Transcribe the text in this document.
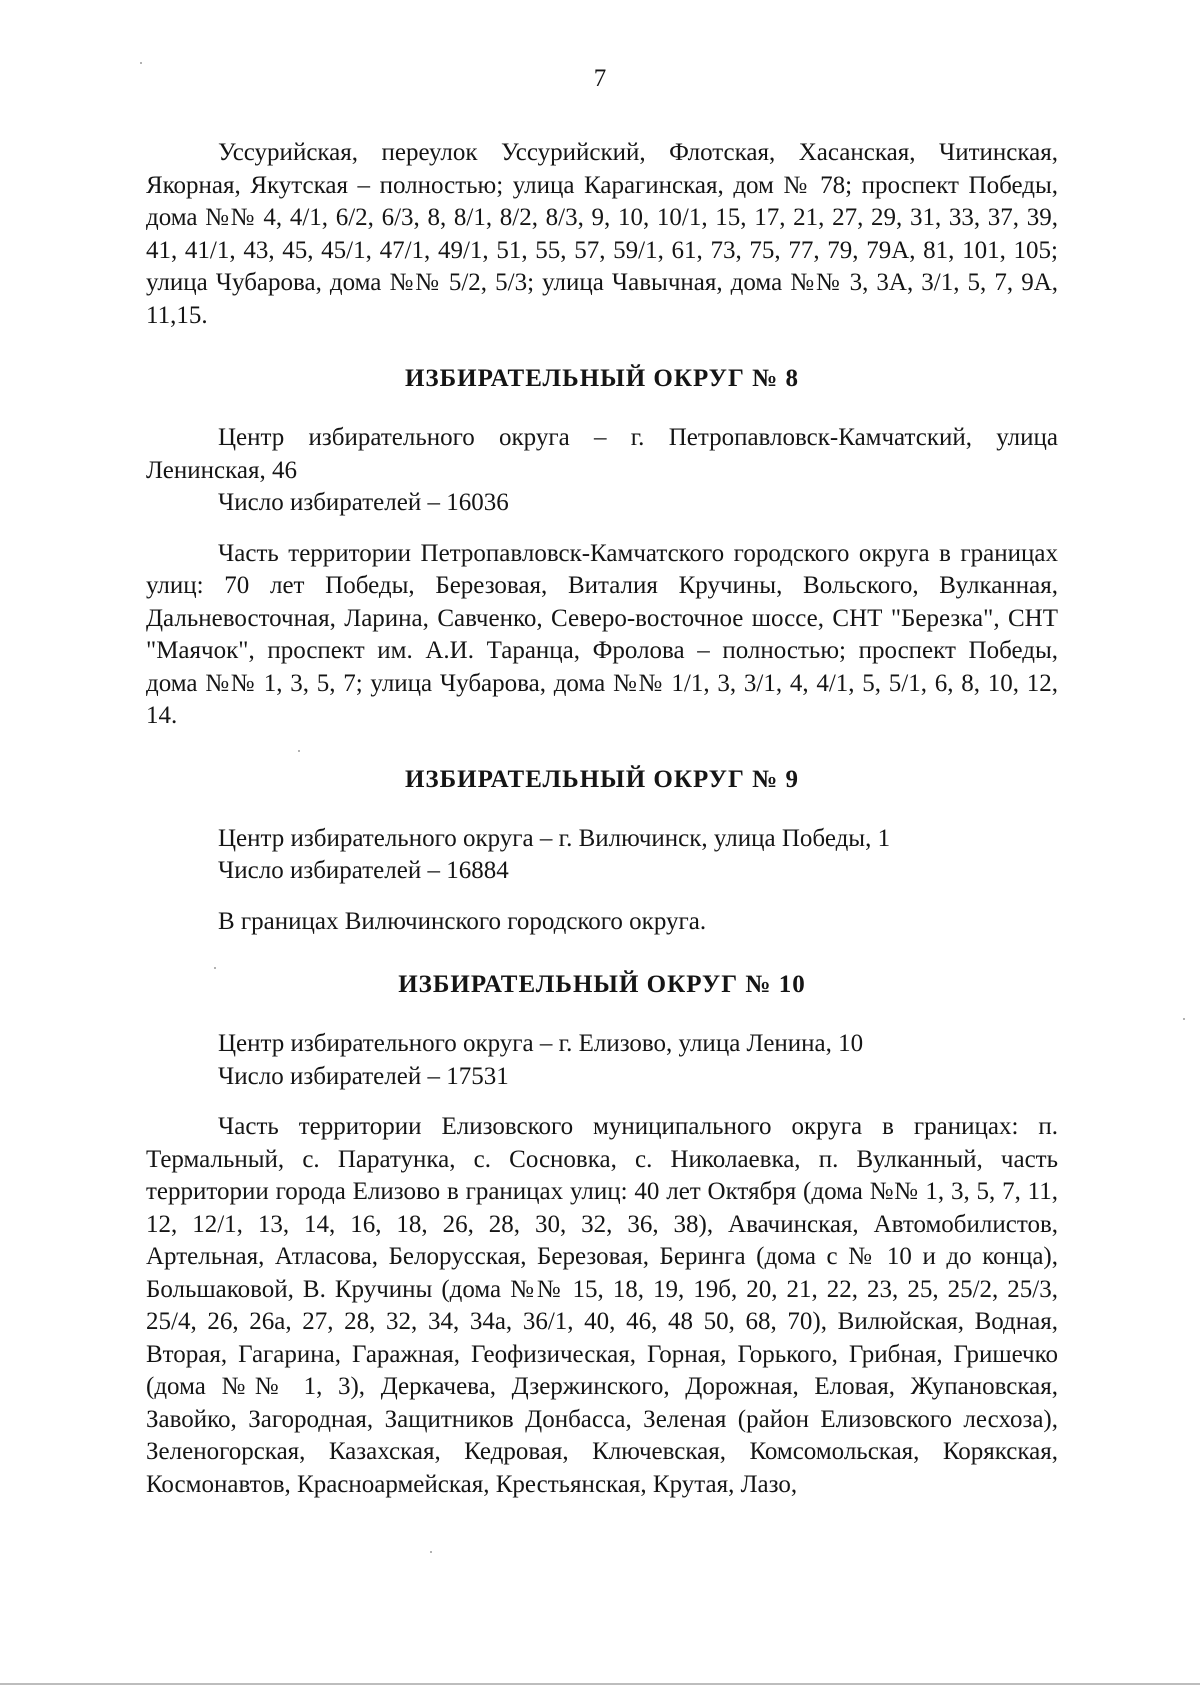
7

Уссурийская, переулок Уссурийский, Флотская, Хасанская, Читинская, Якорная, Якутская – полностью; улица Карагинская, дом № 78; проспект Победы, дома №№ 4, 4/1, 6/2, 6/3, 8, 8/1, 8/2, 8/3, 9, 10, 10/1, 15, 17, 21, 27, 29, 31, 33, 37, 39, 41, 41/1, 43, 45, 45/1, 47/1, 49/1, 51, 55, 57, 59/1, 61, 73, 75, 77, 79, 79А, 81, 101, 105; улица Чубарова, дома №№ 5/2, 5/3; улица Чавычная, дома №№ 3, 3А, 3/1, 5, 7, 9А, 11,15.

ИЗБИРАТЕЛЬНЫЙ ОКРУГ № 8

Центр избирательного округа – г. Петропавловск-Камчатский, улица Ленинская, 46

Число избирателей – 16036

Часть территории Петропавловск-Камчатского городского округа в границах улиц: 70 лет Победы, Березовая, Виталия Кручины, Вольского, Вулканная, Дальневосточная, Ларина, Савченко, Северо-восточное шоссе, СНТ "Березка", СНТ "Маячок", проспект им. А.И. Таранца, Фролова – полностью; проспект Победы, дома №№ 1, 3, 5, 7; улица Чубарова, дома №№ 1/1, 3, 3/1, 4, 4/1, 5, 5/1, 6, 8, 10, 12, 14.

ИЗБИРАТЕЛЬНЫЙ ОКРУГ № 9

Центр избирательного округа – г. Вилючинск, улица Победы, 1

Число избирателей – 16884

В границах Вилючинского городского округа.

ИЗБИРАТЕЛЬНЫЙ ОКРУГ № 10

Центр избирательного округа – г. Елизово, улица Ленина, 10

Число избирателей – 17531

Часть территории Елизовского муниципального округа в границах: п. Термальный, с. Паратунка, с. Сосновка, с. Николаевка, п. Вулканный, часть территории города Елизово в границах улиц: 40 лет Октября (дома №№ 1, 3, 5, 7, 11, 12, 12/1, 13, 14, 16, 18, 26, 28, 30, 32, 36, 38), Авачинская, Автомобилистов, Артельная, Атласова, Белорусская, Березовая, Беринга (дома с № 10 и до конца), Большаковой, В. Кручины (дома №№ 15, 18, 19, 19б, 20, 21, 22, 23, 25, 25/2, 25/3, 25/4, 26, 26а, 27, 28, 32, 34, 34а, 36/1, 40, 46, 48 50, 68, 70), Вилюйская, Водная, Вторая, Гагарина, Гаражная, Геофизическая, Горная, Горького, Грибная, Гришечко (дома №№ 1, 3), Деркачева, Дзержинского, Дорожная, Еловая, Жупановская, Завойко, Загородная, Защитников Донбасса, Зеленая (район Елизовского лесхоза), Зеленогорская, Казахская, Кедровая, Ключевская, Комсомольская, Корякская, Космонавтов, Красноармейская, Крестьянская, Крутая, Лазо,
